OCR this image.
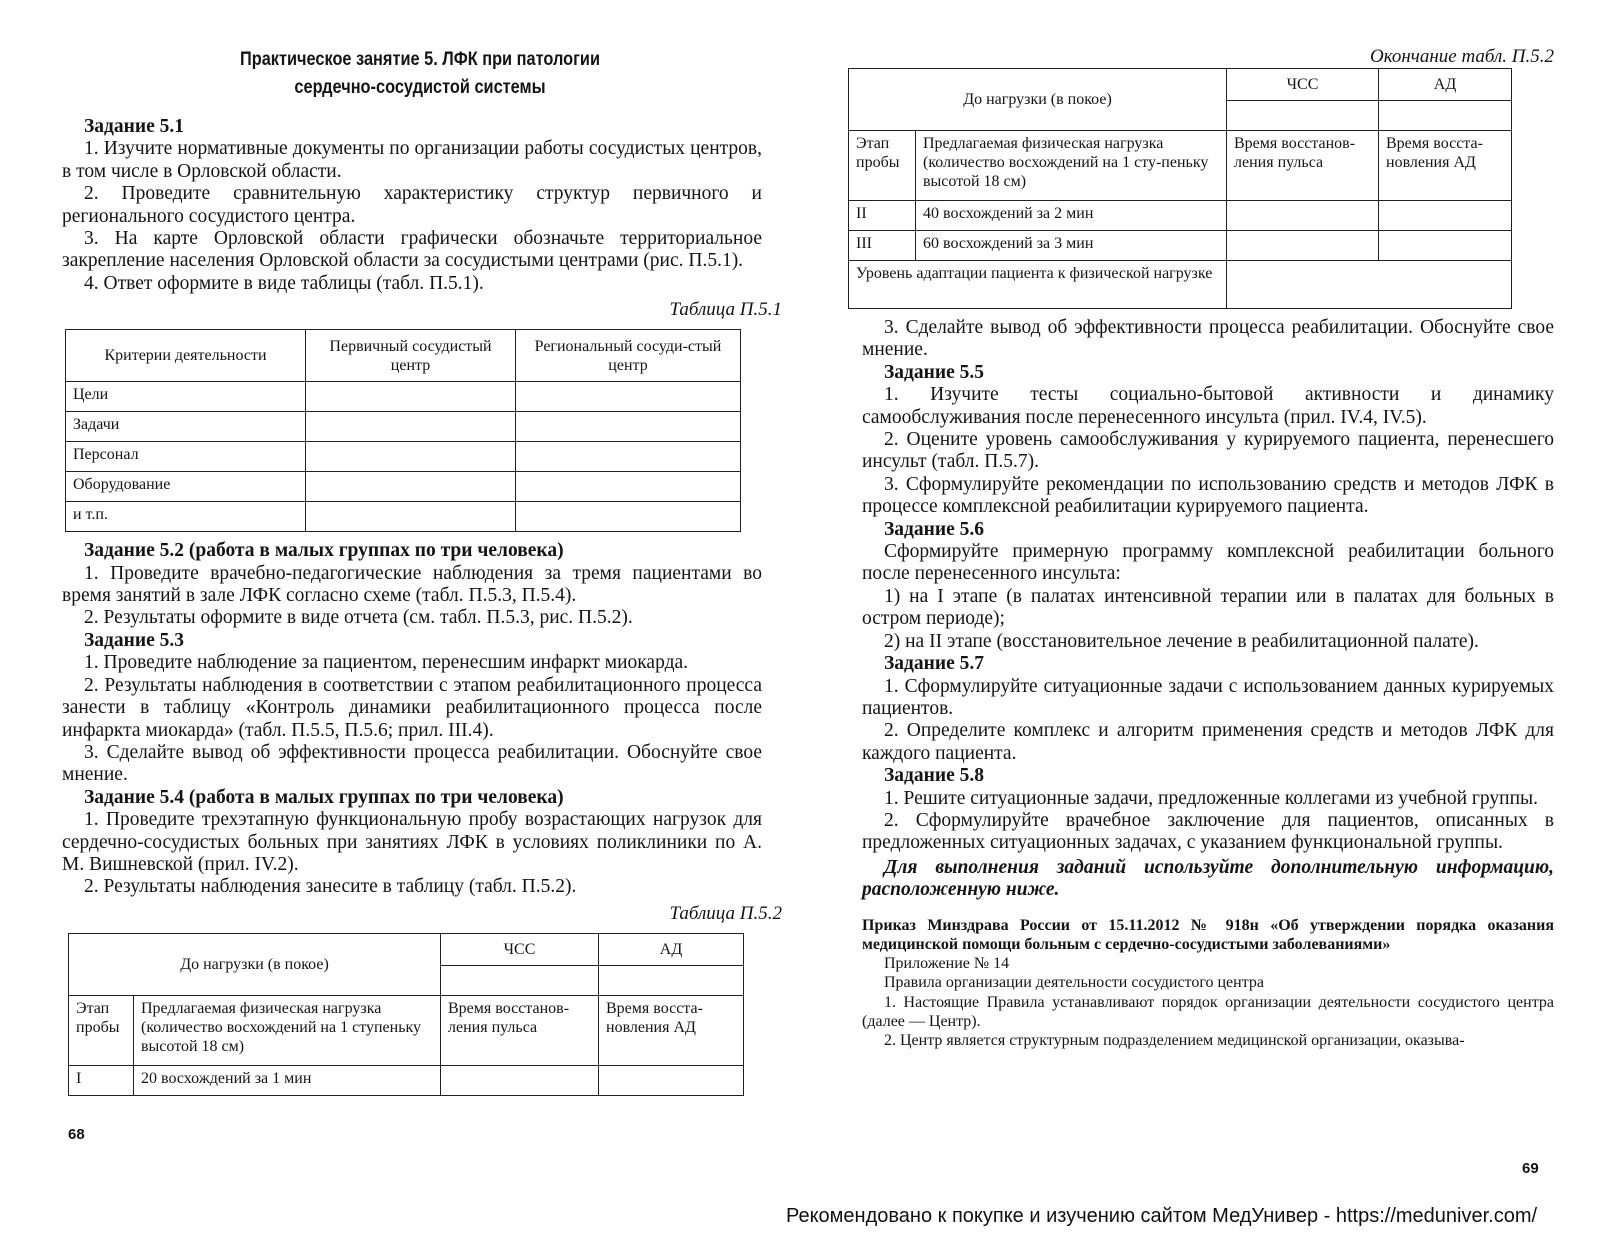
Практическое занятие 5. ЛФК при патологии
сердечно-сосудистой системы

Задание 5.1

1. Изучите нормативные документы по организации работы сосудистых центров, в том числе в Орловской области.

2. Проведите сравнительную характеристику структур первичного и регионального сосудистого центра.

3. На карте Орловской области графически обозначьте территориальное закрепление населения Орловской области за сосудистыми центрами (рис. П.5.1).

4. Ответ оформите в виде таблицы (табл. П.5.1).

Таблица П.5.1

Критерии деятельности	Первичный сосудистый центр	Региональный сосуди-стый центр
Цели		
Задачи		
Персонал		
Оборудование		
и т.п.		

Задание 5.2 (работа в малых группах по три человека)

1. Проведите врачебно-педагогические наблюдения за тремя пациентами во время занятий в зале ЛФК согласно схеме (табл. П.5.3, П.5.4).

2. Результаты оформите в виде отчета (см. табл. П.5.3, рис. П.5.2).

Задание 5.3

1. Проведите наблюдение за пациентом, перенесшим инфаркт миокарда.

2. Результаты наблюдения в соответствии с этапом реабилитационного процесса занести в таблицу «Контроль динамики реабилитационного процесса после инфаркта миокарда» (табл. П.5.5, П.5.6; прил. III.4).

3. Сделайте вывод об эффективности процесса реабилитации. Обоснуйте свое мнение.

Задание 5.4 (работа в малых группах по три человека)

1. Проведите трехэтапную функциональную пробу возрастающих нагрузок для сердечно-сосудистых больных при занятиях ЛФК в условиях поликлиники по А. М. Вишневской (прил. IV.2).

2. Результаты наблюдения занесите в таблицу (табл. П.5.2).

Таблица П.5.2

До нагрузки (в покое)		ЧСС	АД

Этап пробы	Предлагаемая физическая нагрузка (количество восхождений на 1 ступеньку высотой 18 см)	Время восстанов-ления пульса	Время восста-новления АД
I	20 восхождений за 1 мин		
68

Окончание табл. П.5.2

До нагрузки (в покое)		ЧСС	АД

Этап пробы	Предлагаемая физическая нагрузка (количество восхождений на 1 сту-пеньку высотой 18 см)	Время восстанов-ления пульса	Время восста-новления АД
II	40 восхождений за 2 мин		
III	60 восхождений за 3 мин		
Уровень адаптации пациента к физической нагрузке			

3. Сделайте вывод об эффективности процесса реабилитации. Обоснуйте свое мнение.

Задание 5.5

1. Изучите тесты социально-бытовой активности и динамику самообслуживания после перенесенного инсульта (прил. IV.4, IV.5).

2. Оцените уровень самообслуживания у курируемого пациента, перенесшего инсульт (табл. П.5.7).

3. Сформулируйте рекомендации по использованию средств и методов ЛФК в процессе комплексной реабилитации курируемого пациента.

Задание 5.6

Сформируйте примерную программу комплексной реабилитации больного после перенесенного инсульта:

1) на I этапе (в палатах интенсивной терапии или в палатах для больных в остром периоде);

2) на II этапе (восстановительное лечение в реабилитационной палате).

Задание 5.7

1. Сформулируйте ситуационные задачи с использованием данных курируемых пациентов.

2. Определите комплекс и алгоритм применения средств и методов ЛФК для каждого пациента.

Задание 5.8

1. Решите ситуационные задачи, предложенные коллегами из учебной группы.

2. Сформулируйте врачебное заключение для пациентов, описанных в предложенных ситуационных задачах, с указанием функциональной группы.

Для выполнения заданий используйте дополнительную информацию, расположенную ниже.

Приказ Минздрава России от 15.11.2012 № 918н «Об утверждении порядка оказания медицинской помощи больным с сердечно-сосудистыми заболеваниями»

Приложение № 14

Правила организации деятельности сосудистого центра

1. Настоящие Правила устанавливают порядок организации деятельности сосудистого центра (далее — Центр).

2. Центр является структурным подразделением медицинской организации, оказыва-

69
Рекомендовано к покупке и изучению сайтом МедУнивер - https://meduniver.com/
